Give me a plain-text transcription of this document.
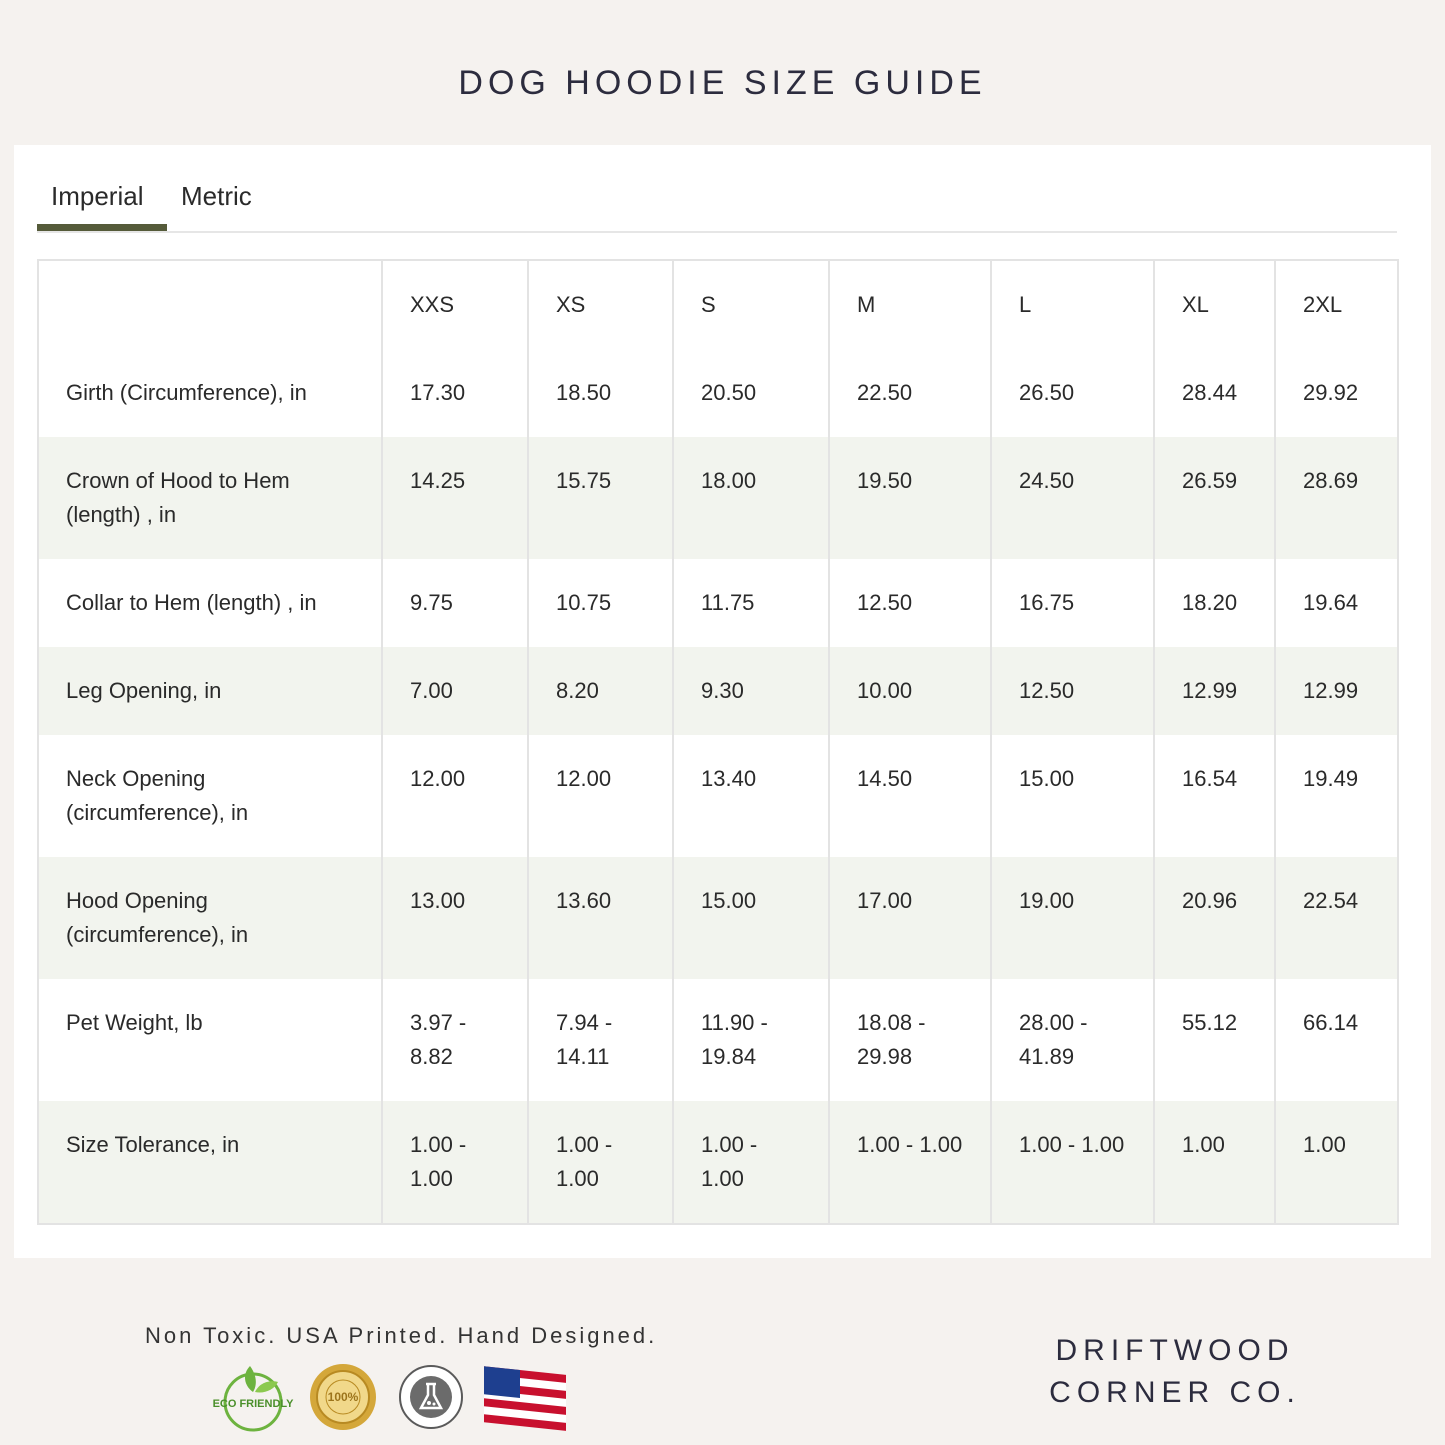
DOG HOODIE SIZE GUIDE
Imperial Metric
	XXS	XS	S	M	L	XL	2XL
Girth (Circumference), in	17.30	18.50	20.50	22.50	26.50	28.44	29.92
Crown of Hood to Hem (length) , in	14.25	15.75	18.00	19.50	24.50	26.59	28.69
Collar to Hem (length) , in	9.75	10.75	11.75	12.50	16.75	18.20	19.64
Leg Opening, in	7.00	8.20	9.30	10.00	12.50	12.99	12.99
Neck Opening (circumference), in	12.00	12.00	13.40	14.50	15.00	16.54	19.49
Hood Opening (circumference), in	13.00	13.60	15.00	17.00	19.00	20.96	22.54
Pet Weight, lb	3.97 - 8.82	7.94 - 14.11	11.90 - 19.84	18.08 - 29.98	28.00 - 41.89	55.12	66.14
Size Tolerance, in	1.00 - 1.00	1.00 - 1.00	1.00 - 1.00	1.00 - 1.00	1.00 - 1.00	1.00	1.00
Non Toxic. USA Printed. Hand Designed.
ECO FRIENDLY	100%
DRIFTWOOD
CORNER CO.
